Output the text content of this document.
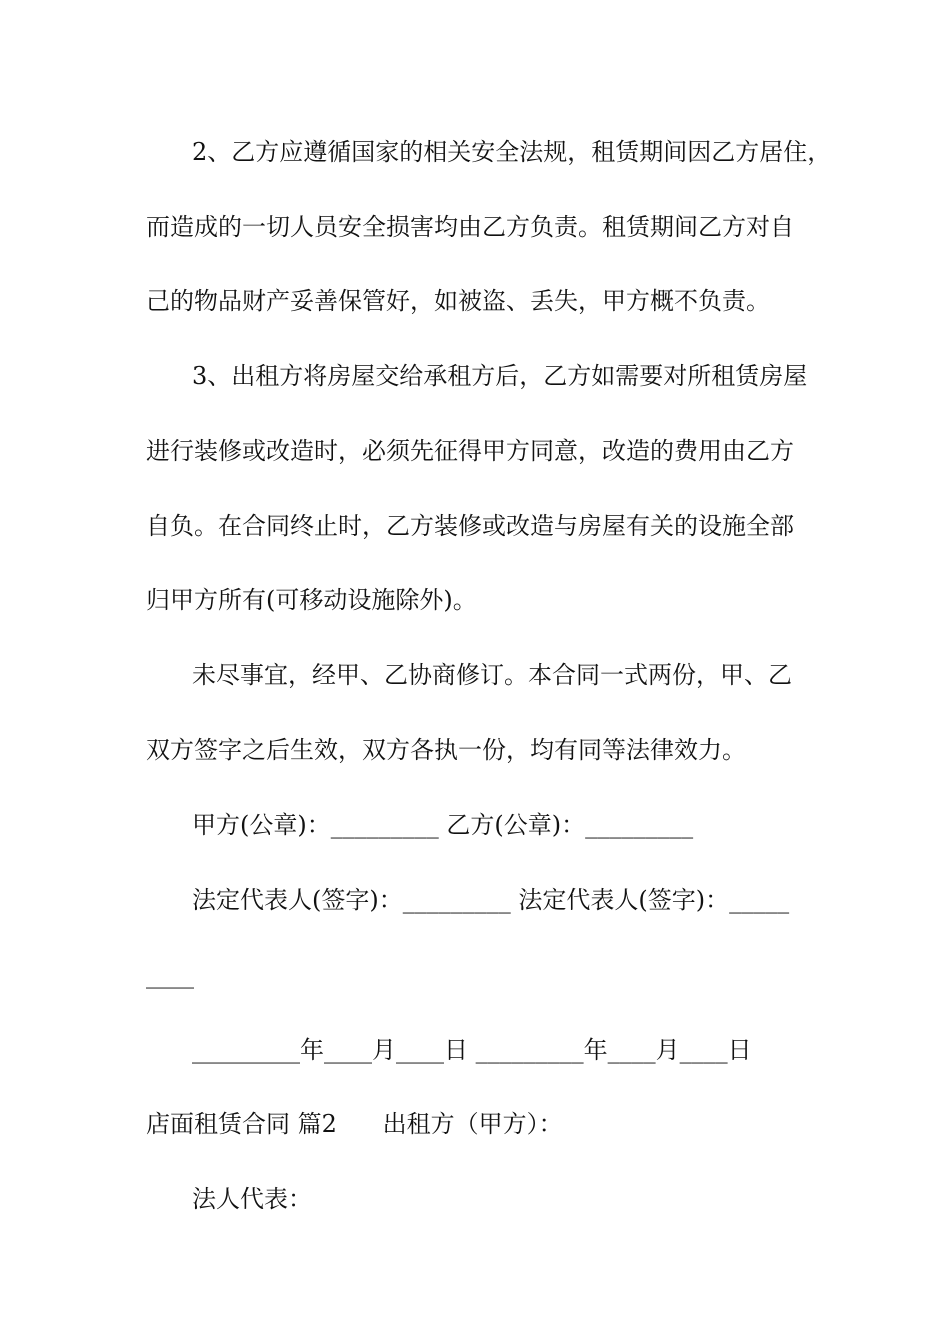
2、乙方应遵循国家的相关安全法规，租赁期间因乙方居住，
而造成的一切人员安全损害均由乙方负责。租赁期间乙方对自
己的物品财产妥善保管好，如被盗、丢失，甲方概不负责。
3、出租方将房屋交给承租方后，乙方如需要对所租赁房屋
进行装修或改造时，必须先征得甲方同意，改造的费用由乙方
自负。在合同终止时，乙方装修或改造与房屋有关的设施全部
归甲方所有(可移动设施除外)。
未尽事宜，经甲、乙协商修订。本合同一式两份，甲、乙
双方签字之后生效，双方各执一份，均有同等法律效力。
甲方(公章)：_________ 乙方(公章)：_________
法定代表人(签字)：_________ 法定代表人(签字)：_____
____
_________年____月____日 _________年____月____日
店面租赁合同 篇2      出租方（甲方）：
法人代表：
